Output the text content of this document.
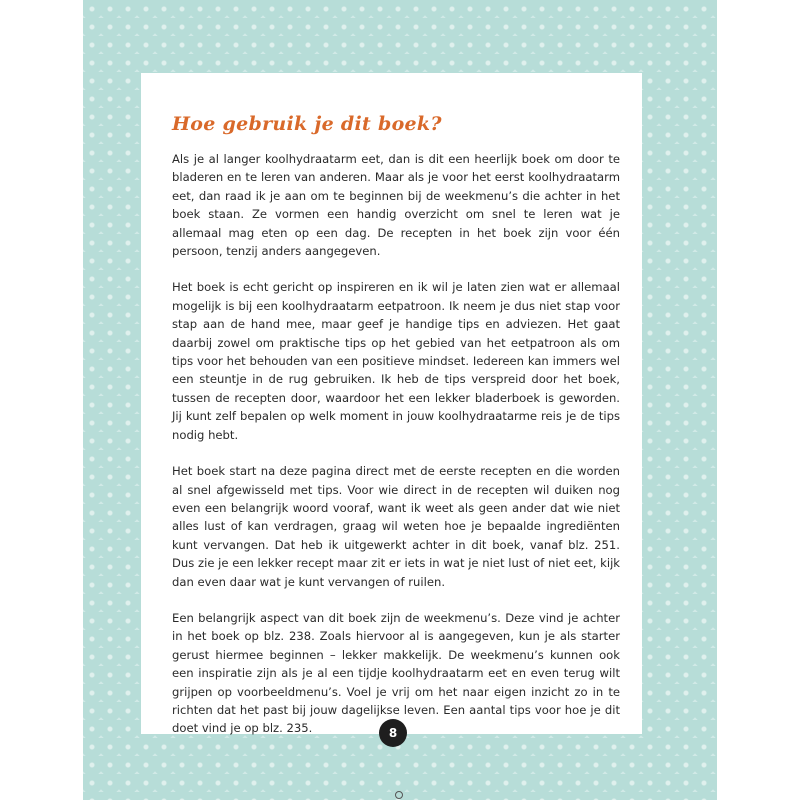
Hoe gebruik je dit boek?

Als je al langer koolhydraatarm eet, dan is dit een heerlijk boek om door te bladeren en te leren van anderen. Maar als je voor het eerst koolhydraatarm eet, dan raad ik je aan om te beginnen bij de weekmenu’s die achter in het boek staan. Ze vormen een handig overzicht om snel te leren wat je allemaal mag eten op een dag. De recepten in het boek zijn voor één persoon, tenzij anders aangegeven.

Het boek is echt gericht op inspireren en ik wil je laten zien wat er allemaal mogelijk is bij een koolhydraatarm eetpatroon. Ik neem je dus niet stap voor stap aan de hand mee, maar geef je handige tips en adviezen. Het gaat daarbij zowel om praktische tips op het gebied van het eetpatroon als om tips voor het behouden van een positieve mindset. Iedereen kan immers wel een steuntje in de rug gebruiken. Ik heb de tips verspreid door het boek, tussen de recepten door, waardoor het een lekker bladerboek is geworden. Jij kunt zelf bepalen op welk moment in jouw koolhydraatarme reis je de tips nodig hebt.

Het boek start na deze pagina direct met de eerste recepten en die worden al snel afgewisseld met tips. Voor wie direct in de recepten wil duiken nog even een belangrijk woord vooraf, want ik weet als geen ander dat wie niet alles lust of kan verdragen, graag wil weten hoe je bepaalde ingrediënten kunt vervangen. Dat heb ik uitgewerkt achter in dit boek, vanaf blz. 251. Dus zie je een lekker recept maar zit er iets in wat je niet lust of niet eet, kijk dan even daar wat je kunt vervangen of ruilen.

Een belangrijk aspect van dit boek zijn de weekmenu’s. Deze vind je achter in het boek op blz. 238. Zoals hiervoor al is aangegeven, kun je als starter gerust hiermee beginnen – lekker makkelijk. De weekmenu’s kunnen ook een inspiratie zijn als je al een tijdje koolhydraatarm eet en even terug wilt grijpen op voorbeeldmenu’s. Voel je vrij om het naar eigen inzicht zo in te richten dat het past bij jouw dagelijkse leven. Een aantal tips voor hoe je dit doet vind je op blz. 235.	8
